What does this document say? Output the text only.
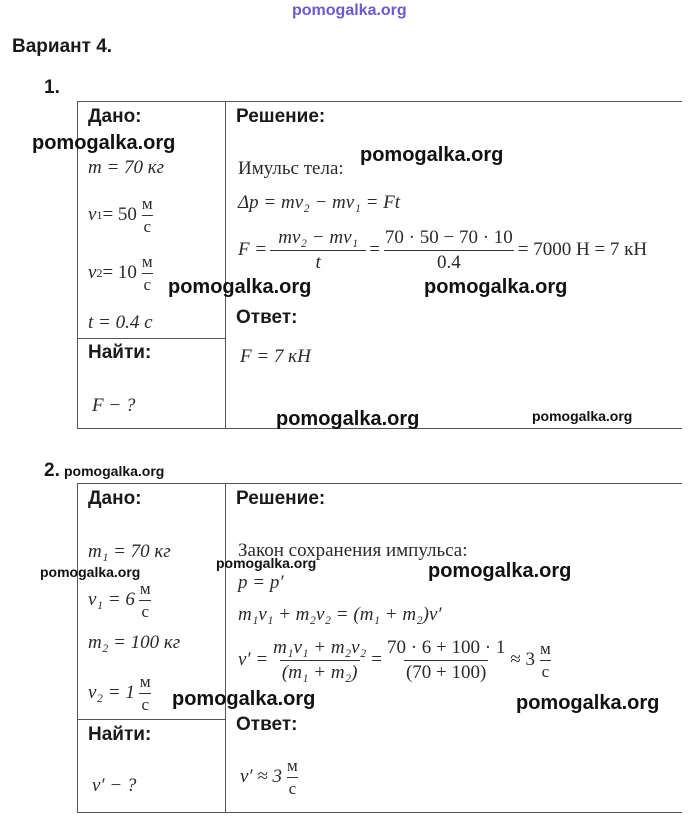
pomogalka.org
Вариант 4.
1.
Дано:	Решение:
m = 70 кг
v $1 = 50 \frac{м}{с}$
v $2 = 10 \frac{м}{с}$
t = 0.4 с
Найти:
F − ?
Имульс тела:
Δp = mv₂ − mv₁ = Ft
$F = \frac{\text{mv₂ − mv₁}}{t} = \frac{70 \cdot 50 - 70 \cdot 10}{0.4} = 7000$ Н = 7 кН
Ответ:
F = 7 кН
pomogalka.org
pomogalka.org
pomogalka.org	pomogalka.org
pomogalka.org	pomogalka.org
2. pomogalka.org
Дано:	Решение:
m₁ = 70 кг
$v_1 = 6 \frac{м}{с}$
m₂ = 100 кг
$v_2 = 1 \frac{м}{с}$
Найти:
v′ − ?
Закон сохранения импульса:
p = p′
m₁v₁ + m₂v₂ = (m₁ + m₂)v′
$v' = \frac{\text{m₁v₁ + m₂v₂}}{\text{(m₁ + m₂)}} = \frac{70 \cdot 6 + 100 \cdot 1}{(70 + 100)} \approx 3 \frac{м}{с}$
Ответ:
$v' \approx 3 \frac{м}{с}$
pomogalka.org
pomogalka.org	pomogalka.org
pomogalka.org	pomogalka.org
